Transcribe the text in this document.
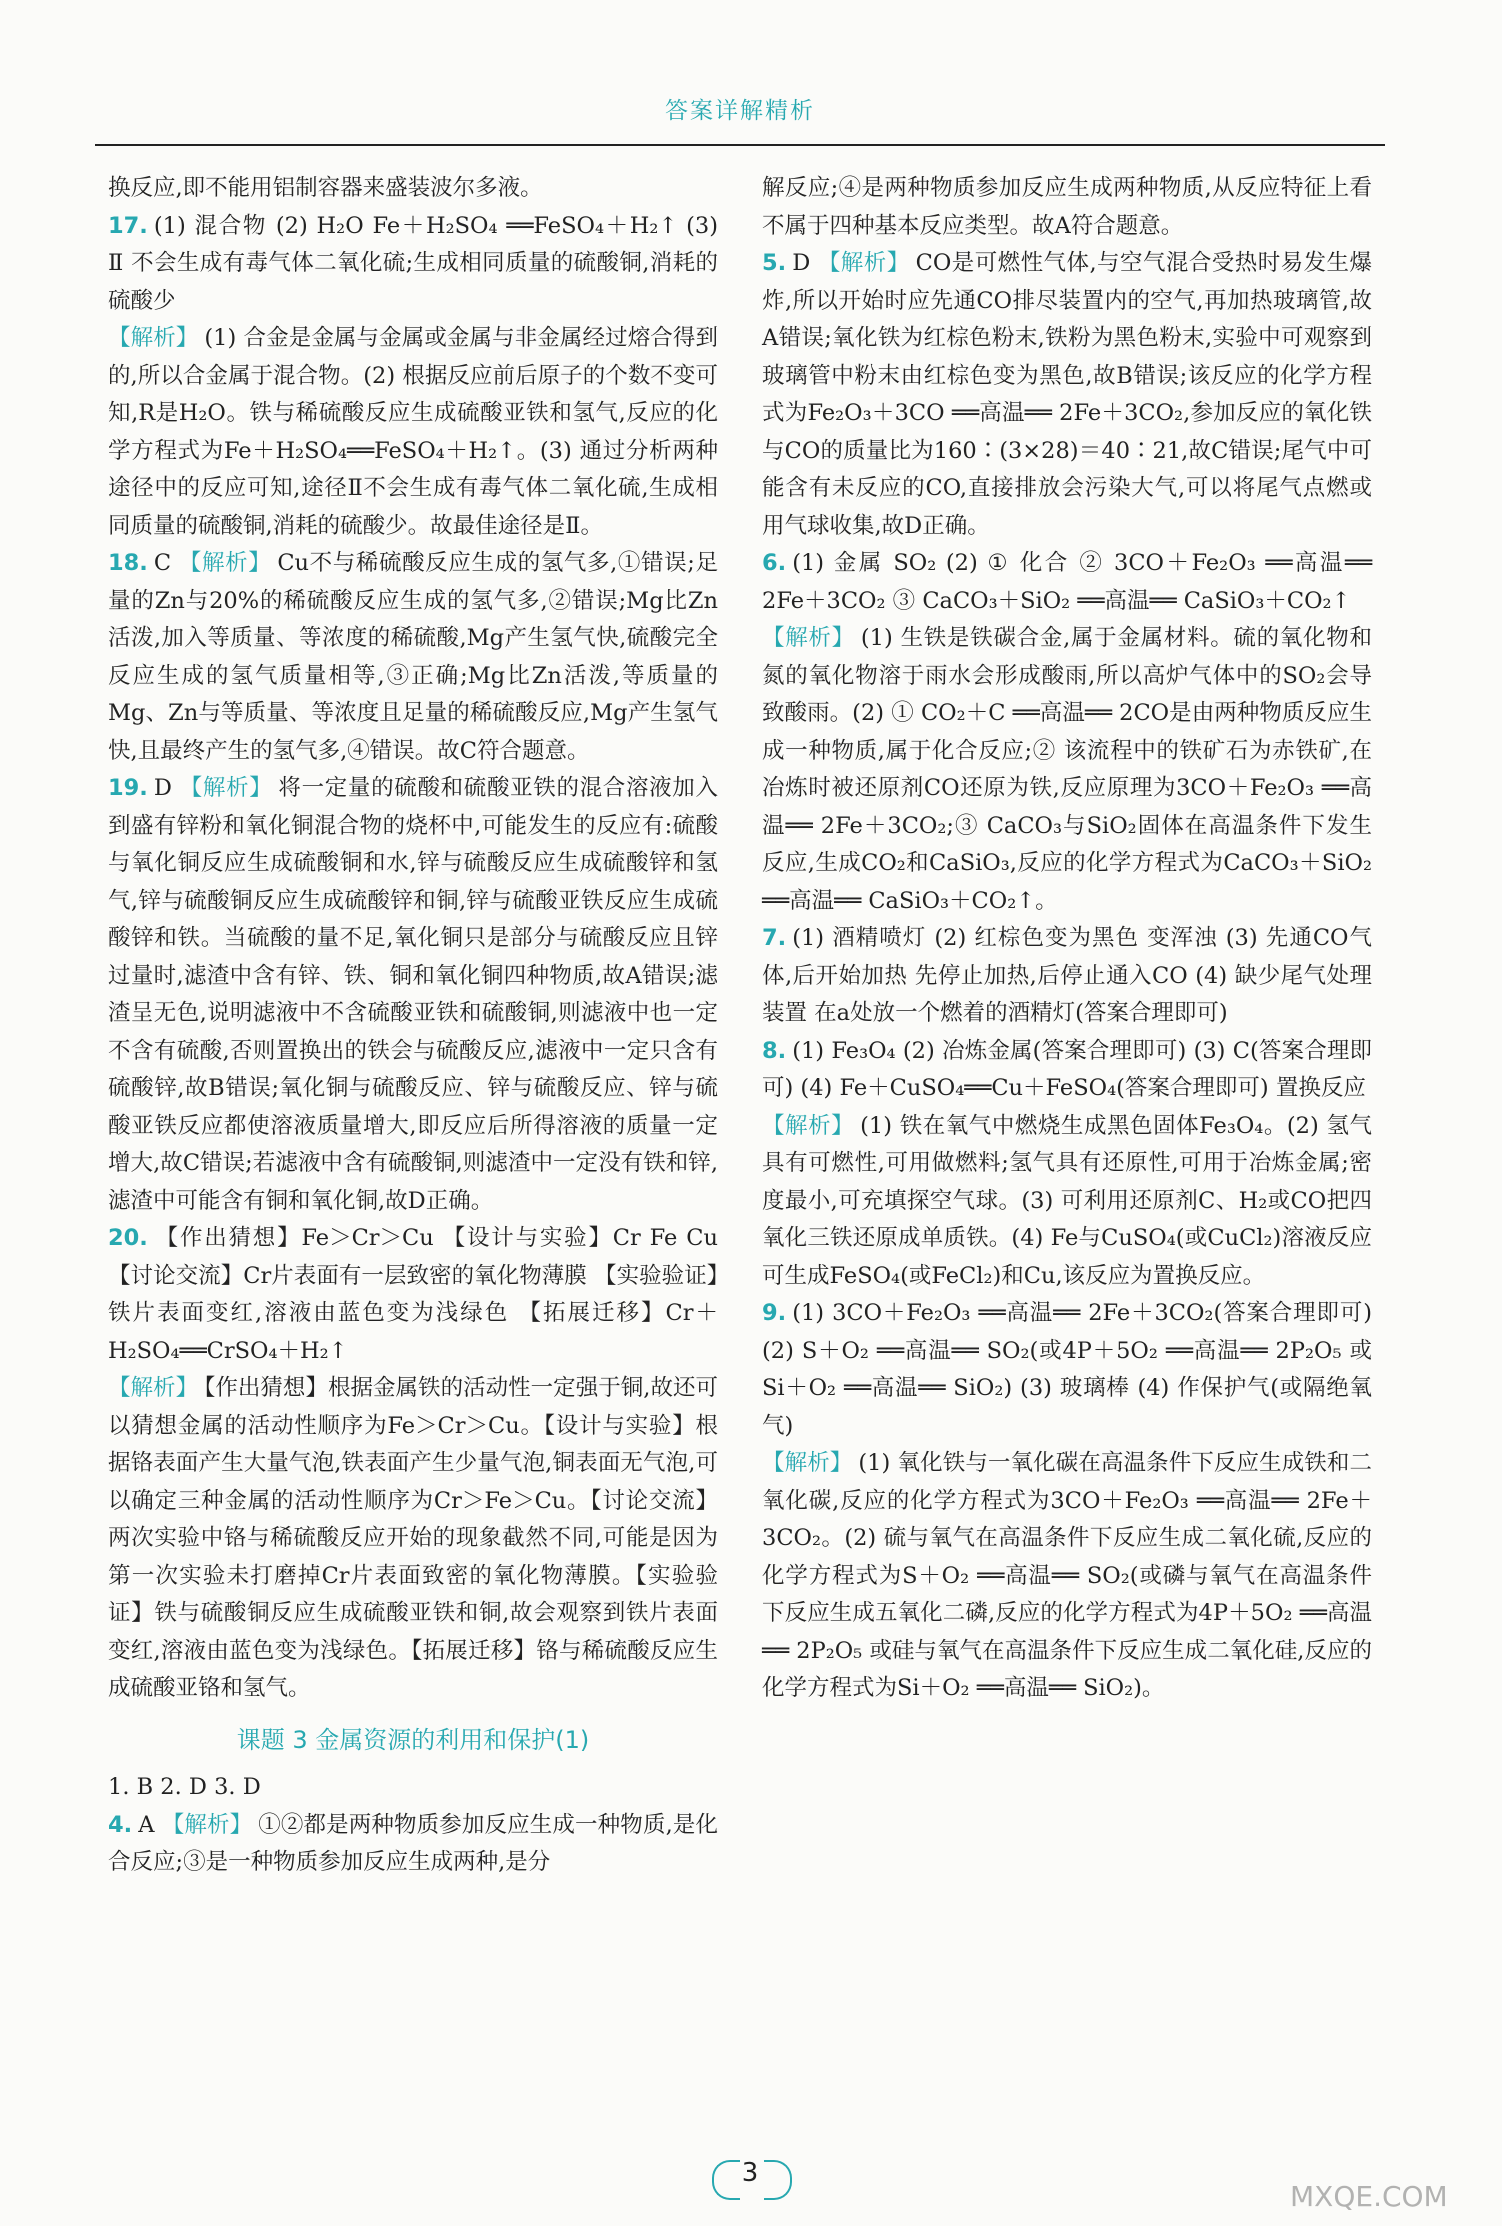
答案详解精析

换反应,即不能用铝制容器来盛装波尔多液。

17. (1) 混合物 (2) H₂O Fe＋H₂SO₄ ══FeSO₄＋H₂↑ (3) Ⅱ 不会生成有毒气体二氧化硫;生成相同质量的硫酸铜,消耗的硫酸少

【解析】 (1) 合金是金属与金属或金属与非金属经过熔合得到的,所以合金属于混合物。(2) 根据反应前后原子的个数不变可知,R是H₂O。铁与稀硫酸反应生成硫酸亚铁和氢气,反应的化学方程式为Fe＋H₂SO₄══FeSO₄＋H₂↑。(3) 通过分析两种途径中的反应可知,途径Ⅱ不会生成有毒气体二氧化硫,生成相同质量的硫酸铜,消耗的硫酸少。故最佳途径是Ⅱ。

18. C 【解析】 Cu不与稀硫酸反应生成的氢气多,①错误;足量的Zn与20%的稀硫酸反应生成的氢气多,②错误;Mg比Zn活泼,加入等质量、等浓度的稀硫酸,Mg产生氢气快,硫酸完全反应生成的氢气质量相等,③正确;Mg比Zn活泼,等质量的Mg、Zn与等质量、等浓度且足量的稀硫酸反应,Mg产生氢气快,且最终产生的氢气多,④错误。故C符合题意。

19. D 【解析】 将一定量的硫酸和硫酸亚铁的混合溶液加入到盛有锌粉和氧化铜混合物的烧杯中,可能发生的反应有:硫酸与氧化铜反应生成硫酸铜和水,锌与硫酸反应生成硫酸锌和氢气,锌与硫酸铜反应生成硫酸锌和铜,锌与硫酸亚铁反应生成硫酸锌和铁。当硫酸的量不足,氧化铜只是部分与硫酸反应且锌过量时,滤渣中含有锌、铁、铜和氧化铜四种物质,故A错误;滤渣呈无色,说明滤液中不含硫酸亚铁和硫酸铜,则滤液中也一定不含有硫酸,否则置换出的铁会与硫酸反应,滤液中一定只含有硫酸锌,故B错误;氧化铜与硫酸反应、锌与硫酸反应、锌与硫酸亚铁反应都使溶液质量增大,即反应后所得溶液的质量一定增大,故C错误;若滤液中含有硫酸铜,则滤渣中一定没有铁和锌,滤渣中可能含有铜和氧化铜,故D正确。

20. 【作出猜想】Fe＞Cr＞Cu 【设计与实验】Cr Fe Cu 【讨论交流】Cr片表面有一层致密的氧化物薄膜 【实验验证】铁片表面变红,溶液由蓝色变为浅绿色 【拓展迁移】Cr＋H₂SO₄══CrSO₄＋H₂↑

【解析】 【作出猜想】根据金属铁的活动性一定强于铜,故还可以猜想金属的活动性顺序为Fe＞Cr＞Cu。【设计与实验】根据铬表面产生大量气泡,铁表面产生少量气泡,铜表面无气泡,可以确定三种金属的活动性顺序为Cr＞Fe＞Cu。【讨论交流】两次实验中铬与稀硫酸反应开始的现象截然不同,可能是因为第一次实验未打磨掉Cr片表面致密的氧化物薄膜。【实验验证】铁与硫酸铜反应生成硫酸亚铁和铜,故会观察到铁片表面变红,溶液由蓝色变为浅绿色。【拓展迁移】铬与稀硫酸反应生成硫酸亚铬和氢气。

课题 3 金属资源的利用和保护(1)

1. B 2. D 3. D

4. A 【解析】 ①②都是两种物质参加反应生成一种物质,是化合反应;③是一种物质参加反应生成两种,是分

解反应;④是两种物质参加反应生成两种物质,从反应特征上看不属于四种基本反应类型。故A符合题意。

5. D 【解析】 CO是可燃性气体,与空气混合受热时易发生爆炸,所以开始时应先通CO排尽装置内的空气,再加热玻璃管,故A错误;氧化铁为红棕色粉末,铁粉为黑色粉末,实验中可观察到玻璃管中粉末由红棕色变为黑色,故B错误;该反应的化学方程式为Fe₂O₃＋3CO ══高温══ 2Fe＋3CO₂,参加反应的氧化铁与CO的质量比为160∶(3×28)＝40∶21,故C错误;尾气中可能含有未反应的CO,直接排放会污染大气,可以将尾气点燃或用气球收集,故D正确。

6. (1) 金属 SO₂ (2) ① 化合 ② 3CO＋Fe₂O₃ ══高温══ 2Fe＋3CO₂ ③ CaCO₃＋SiO₂ ══高温══ CaSiO₃＋CO₂↑

【解析】 (1) 生铁是铁碳合金,属于金属材料。硫的氧化物和氮的氧化物溶于雨水会形成酸雨,所以高炉气体中的SO₂会导致酸雨。(2) ① CO₂＋C ══高温══ 2CO是由两种物质反应生成一种物质,属于化合反应;② 该流程中的铁矿石为赤铁矿,在冶炼时被还原剂CO还原为铁,反应原理为3CO＋Fe₂O₃ ══高温══ 2Fe＋3CO₂;③ CaCO₃与SiO₂固体在高温条件下发生反应,生成CO₂和CaSiO₃,反应的化学方程式为CaCO₃＋SiO₂ ══高温══ CaSiO₃＋CO₂↑。

7. (1) 酒精喷灯 (2) 红棕色变为黑色 变浑浊 (3) 先通CO气体,后开始加热 先停止加热,后停止通入CO (4) 缺少尾气处理装置 在a处放一个燃着的酒精灯(答案合理即可)

8. (1) Fe₃O₄ (2) 冶炼金属(答案合理即可) (3) C(答案合理即可) (4) Fe＋CuSO₄══Cu＋FeSO₄(答案合理即可) 置换反应

【解析】 (1) 铁在氧气中燃烧生成黑色固体Fe₃O₄。(2) 氢气具有可燃性,可用做燃料;氢气具有还原性,可用于冶炼金属;密度最小,可充填探空气球。(3) 可利用还原剂C、H₂或CO把四氧化三铁还原成单质铁。(4) Fe与CuSO₄(或CuCl₂)溶液反应可生成FeSO₄(或FeCl₂)和Cu,该反应为置换反应。

9. (1) 3CO＋Fe₂O₃ ══高温══ 2Fe＋3CO₂(答案合理即可) (2) S＋O₂ ══高温══ SO₂(或4P＋5O₂ ══高温══ 2P₂O₅ 或 Si＋O₂ ══高温══ SiO₂) (3) 玻璃棒 (4) 作保护气(或隔绝氧气)

【解析】 (1) 氧化铁与一氧化碳在高温条件下反应生成铁和二氧化碳,反应的化学方程式为3CO＋Fe₂O₃ ══高温══ 2Fe＋3CO₂。(2) 硫与氧气在高温条件下反应生成二氧化硫,反应的化学方程式为S＋O₂ ══高温══ SO₂(或磷与氧气在高温条件下反应生成五氧化二磷,反应的化学方程式为4P＋5O₂ ══高温══ 2P₂O₅ 或硅与氧气在高温条件下反应生成二氧化硅,反应的化学方程式为Si＋O₂ ══高温══ SiO₂)。

3
MXQE.COM
